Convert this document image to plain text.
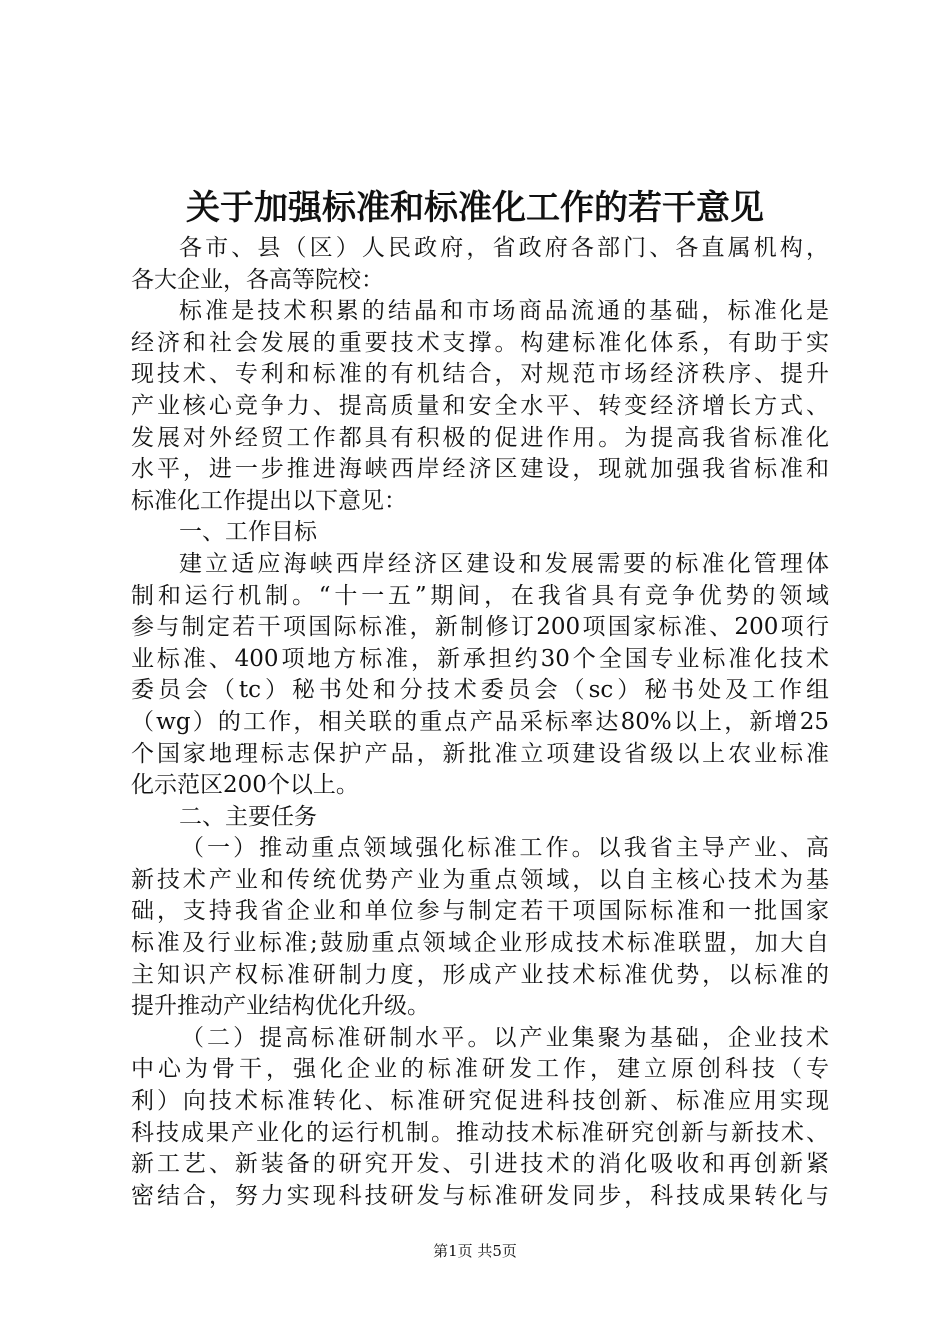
关于加强标准和标准化工作的若干意见
各市、县（区）人民政府，省政府各部门、各直属机构，
各大企业，各高等院校：
标准是技术积累的结晶和市场商品流通的基础，标准化是
经济和社会发展的重要技术支撑。构建标准化体系，有助于实
现技术、专利和标准的有机结合，对规范市场经济秩序、提升
产业核心竞争力、提高质量和安全水平、转变经济增长方式、
发展对外经贸工作都具有积极的促进作用。为提高我省标准化
水平，进一步推进海峡西岸经济区建设，现就加强我省标准和
标准化工作提出以下意见：
一、工作目标
建立适应海峡西岸经济区建设和发展需要的标准化管理体
制和运行机制。“十一五”期间，在我省具有竞争优势的领域
参与制定若干项国际标准，新制修订200项国家标准、200项行
业标准、400项地方标准，新承担约30个全国专业标准化技术
委员会（tc）秘书处和分技术委员会（sc）秘书处及工作组
（wg）的工作，相关联的重点产品采标率达80%以上，新增25
个国家地理标志保护产品，新批准立项建设省级以上农业标准
化示范区200个以上。
二、主要任务
（一）推动重点领域强化标准工作。以我省主导产业、高
新技术产业和传统优势产业为重点领域，以自主核心技术为基
础，支持我省企业和单位参与制定若干项国际标准和一批国家
标准及行业标准;鼓励重点领域企业形成技术标准联盟，加大自
主知识产权标准研制力度，形成产业技术标准优势，以标准的
提升推动产业结构优化升级。
（二）提高标准研制水平。以产业集聚为基础，企业技术
中心为骨干，强化企业的标准研发工作，建立原创科技（专
利）向技术标准转化、标准研究促进科技创新、标准应用实现
科技成果产业化的运行机制。推动技术标准研究创新与新技术、
新工艺、新装备的研究开发、引进技术的消化吸收和再创新紧
密结合，努力实现科技研发与标准研发同步，科技成果转化与
第1页 共5页
